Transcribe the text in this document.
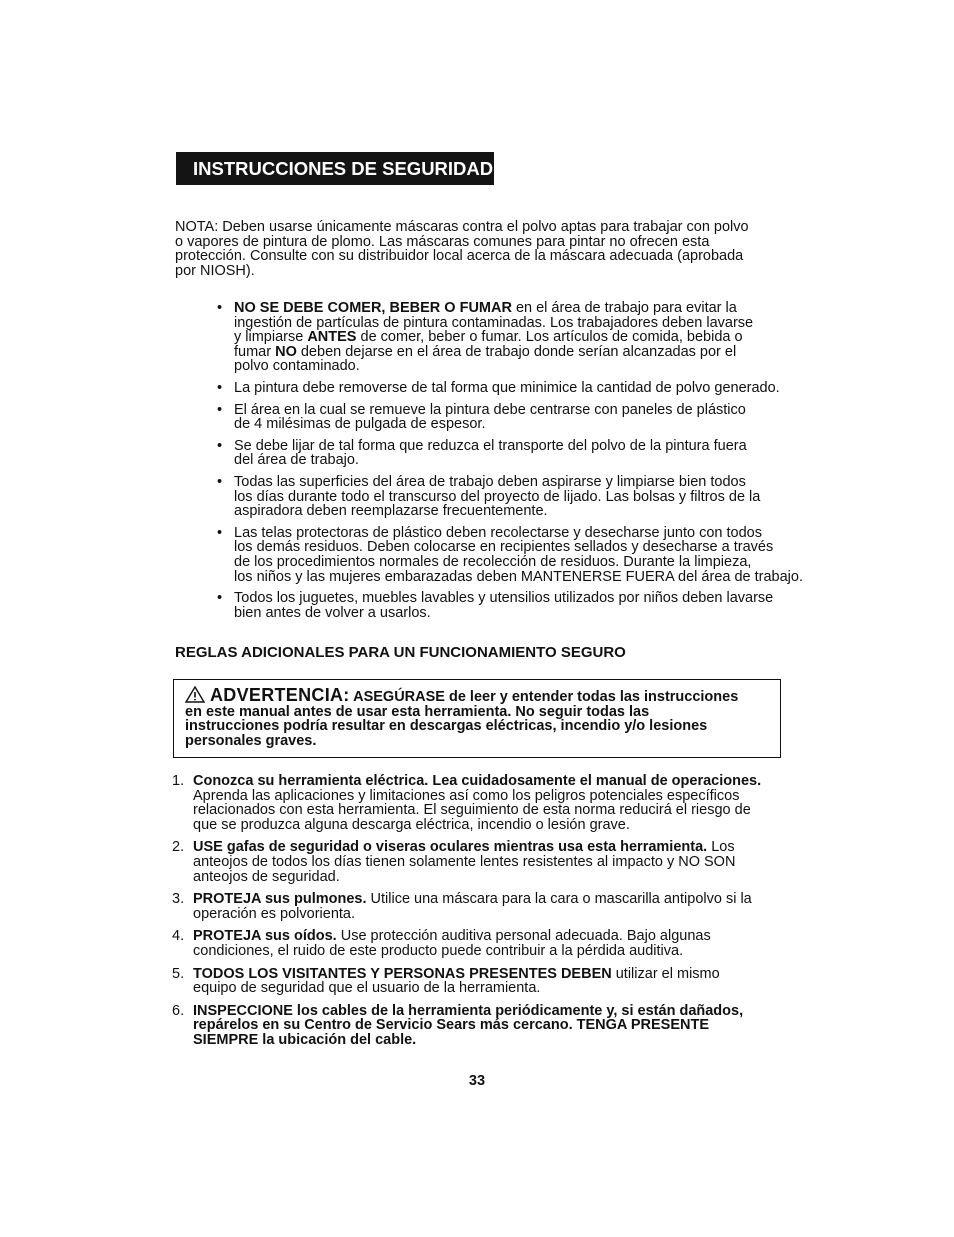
INSTRUCCIONES DE SEGURIDAD cont.
NOTA: Deben usarse únicamente máscaras contra el polvo aptas para trabajar con polvo
o vapores de pintura de plomo. Las máscaras comunes para pintar no ofrecen esta
protección. Consulte con su distribuidor local acerca de la máscara adecuada (aprobada
por NIOSH).
• NO SE DEBE COMER, BEBER O FUMAR en el área de trabajo para evitar la
ingestión de partículas de pintura contaminadas. Los trabajadores deben lavarse
y limpiarse ANTES de comer, beber o fumar. Los artículos de comida, bebida o
fumar NO deben dejarse en el área de trabajo donde serían alcanzadas por el
polvo contaminado.
• La pintura debe removerse de tal forma que minimice la cantidad de polvo generado.
• El área en la cual se remueve la pintura debe centrarse con paneles de plástico
de 4 milésimas de pulgada de espesor.
• Se debe lijar de tal forma que reduzca el transporte del polvo de la pintura fuera
del área de trabajo.
• Todas las superficies del área de trabajo deben aspirarse y limpiarse bien todos
los días durante todo el transcurso del proyecto de lijado. Las bolsas y filtros de la
aspiradora deben reemplazarse frecuentemente.
• Las telas protectoras de plástico deben recolectarse y desecharse junto con todos
los demás residuos. Deben colocarse en recipientes sellados y desecharse a través
de los procedimientos normales de recolección de residuos. Durante la limpieza,
los niños y las mujeres embarazadas deben MANTENERSE FUERA del área de trabajo.
• Todos los juguetes, muebles lavables y utensilios utilizados por niños deben lavarse
bien antes de volver a usarlos.
REGLAS ADICIONALES PARA UN FUNCIONAMIENTO SEGURO
ADVERTENCIA: ASEGÚRASE de leer y entender todas las instrucciones
en este manual antes de usar esta herramienta. No seguir todas las
instrucciones podría resultar en descargas eléctricas, incendio y/o lesiones
personales graves.
1. Conozca su herramienta eléctrica. Lea cuidadosamente el manual de operaciones.
Aprenda las aplicaciones y limitaciones así como los peligros potenciales específicos
relacionados con esta herramienta. El seguimiento de esta norma reducirá el riesgo de
que se produzca alguna descarga eléctrica, incendio o lesión grave.
2. USE gafas de seguridad o viseras oculares mientras usa esta herramienta. Los
anteojos de todos los días tienen solamente lentes resistentes al impacto y NO SON
anteojos de seguridad.
3. PROTEJA sus pulmones. Utilice una máscara para la cara o mascarilla antipolvo si la
operación es polvorienta.
4. PROTEJA sus oídos. Use protección auditiva personal adecuada. Bajo algunas
condiciones, el ruido de este producto puede contribuir a la pérdida auditiva.
5. TODOS LOS VISITANTES Y PERSONAS PRESENTES DEBEN utilizar el mismo
equipo de seguridad que el usuario de la herramienta.
6. INSPECCIONE los cables de la herramienta periódicamente y, si están dañados,
repárelos en su Centro de Servicio Sears más cercano. TENGA PRESENTE
SIEMPRE la ubicación del cable.
33
